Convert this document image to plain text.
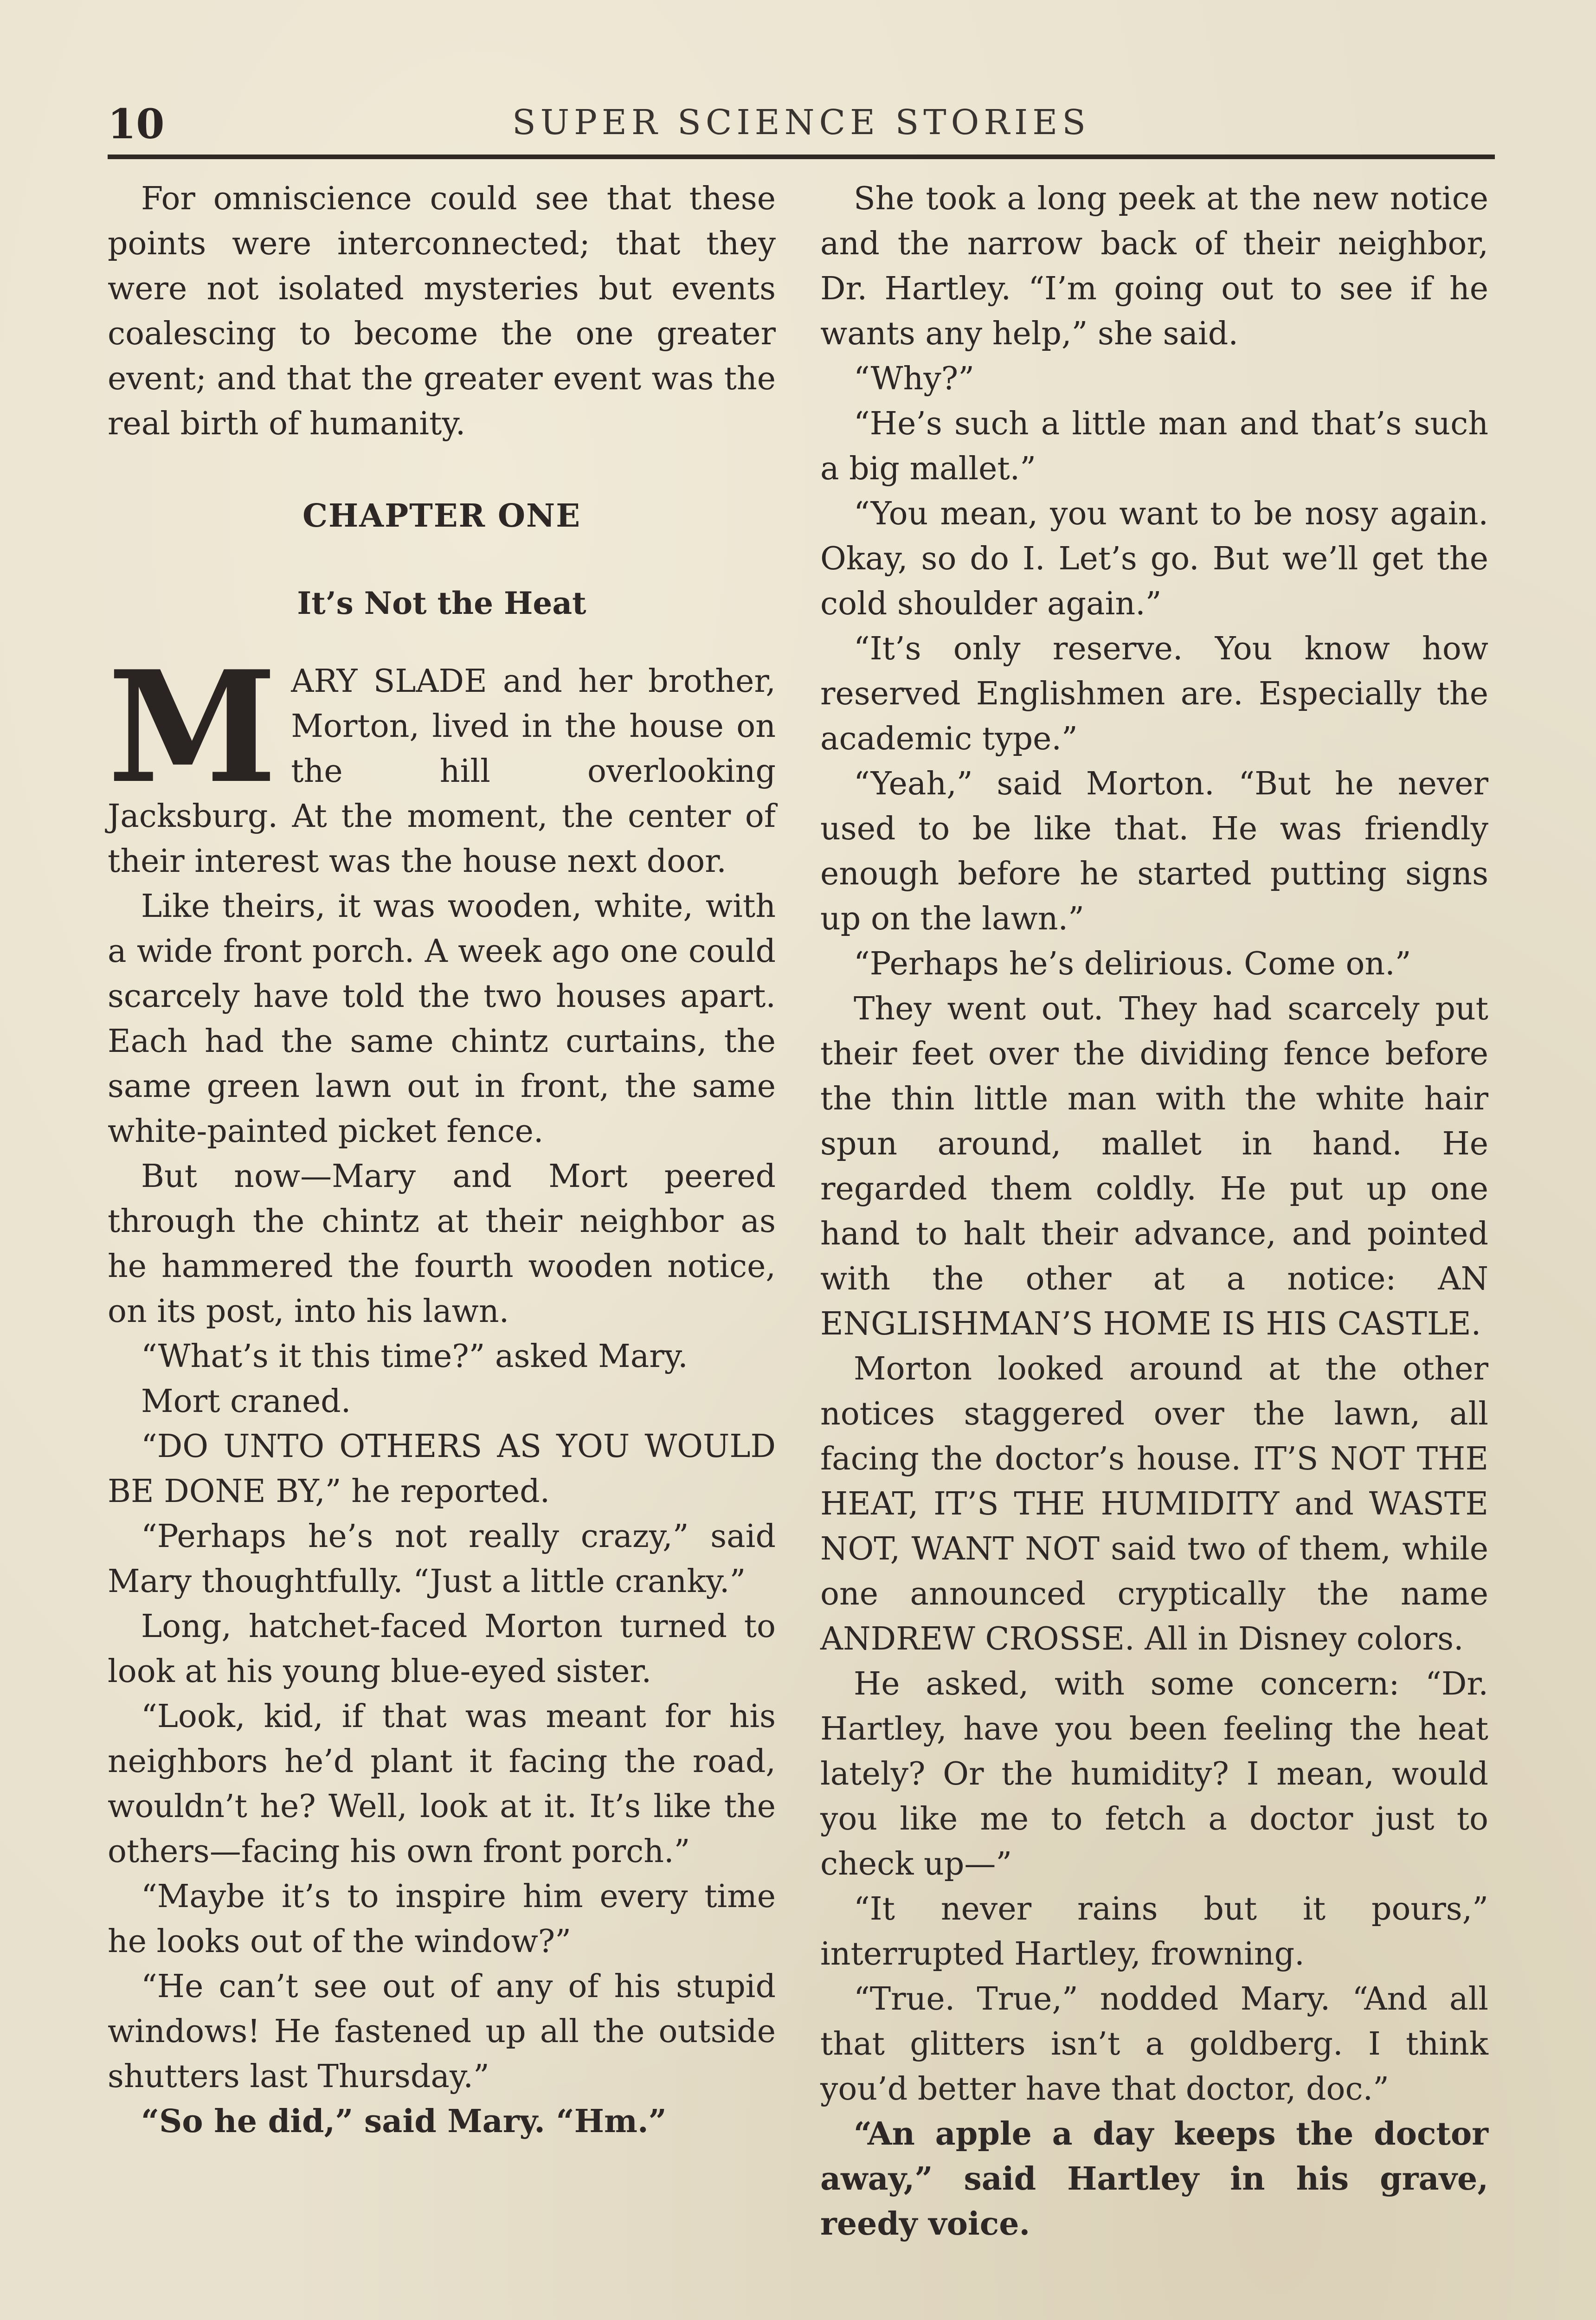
10	SUPER SCIENCE STORIES

For omniscience could see that these points were interconnected; that they were not isolated mysteries but events coalescing to become the one greater event; and that the greater event was the real birth of humanity.

CHAPTER ONE
It’s Not the Heat

MARY SLADE and her brother, Morton, lived in the house on the hill overlooking Jacksburg. At the moment, the center of their interest was the house next door.

Like theirs, it was wooden, white, with a wide front porch. A week ago one could scarcely have told the two houses apart. Each had the same chintz curtains, the same green lawn out in front, the same white-painted picket fence.

But now—Mary and Mort peered through the chintz at their neighbor as he hammered the fourth wooden notice, on its post, into his lawn.

“What’s it this time?” asked Mary.

Mort craned.

“DO UNTO OTHERS AS YOU WOULD BE DONE BY,” he reported.

“Perhaps he’s not really crazy,” said Mary thoughtfully. “Just a little cranky.”

Long, hatchet-faced Morton turned to look at his young blue-eyed sister.

“Look, kid, if that was meant for his neighbors he’d plant it facing the road, wouldn’t he? Well, look at it. It’s like the others—facing his own front porch.”

“Maybe it’s to inspire him every time he looks out of the window?”

“He can’t see out of any of his stupid windows! He fastened up all the outside shutters last Thursday.”

“So he did,” said Mary. “Hm.”

She took a long peek at the new notice and the narrow back of their neighbor, Dr. Hartley. “I’m going out to see if he wants any help,” she said.

“Why?”

“He’s such a little man and that’s such a big mallet.”

“You mean, you want to be nosy again. Okay, so do I. Let’s go. But we’ll get the cold shoulder again.”

“It’s only reserve. You know how reserved Englishmen are. Especially the academic type.”

“Yeah,” said Morton. “But he never used to be like that. He was friendly enough before he started putting signs up on the lawn.”

“Perhaps he’s delirious. Come on.”

They went out. They had scarcely put their feet over the dividing fence before the thin little man with the white hair spun around, mallet in hand. He regarded them coldly. He put up one hand to halt their advance, and pointed with the other at a notice: AN ENGLISHMAN’S HOME IS HIS CASTLE.

Morton looked around at the other notices staggered over the lawn, all facing the doctor’s house. IT’S NOT THE HEAT, IT’S THE HUMIDITY and WASTE NOT, WANT NOT said two of them, while one announced cryptically the name ANDREW CROSSE. All in Disney colors.

He asked, with some concern: “Dr. Hartley, have you been feeling the heat lately? Or the humidity? I mean, would you like me to fetch a doctor just to check up—”

“It never rains but it pours,” interrupted Hartley, frowning.

“True. True,” nodded Mary. “And all that glitters isn’t a goldberg. I think you’d better have that doctor, doc.”

“An apple a day keeps the doctor away,” said Hartley in his grave, reedy voice.
